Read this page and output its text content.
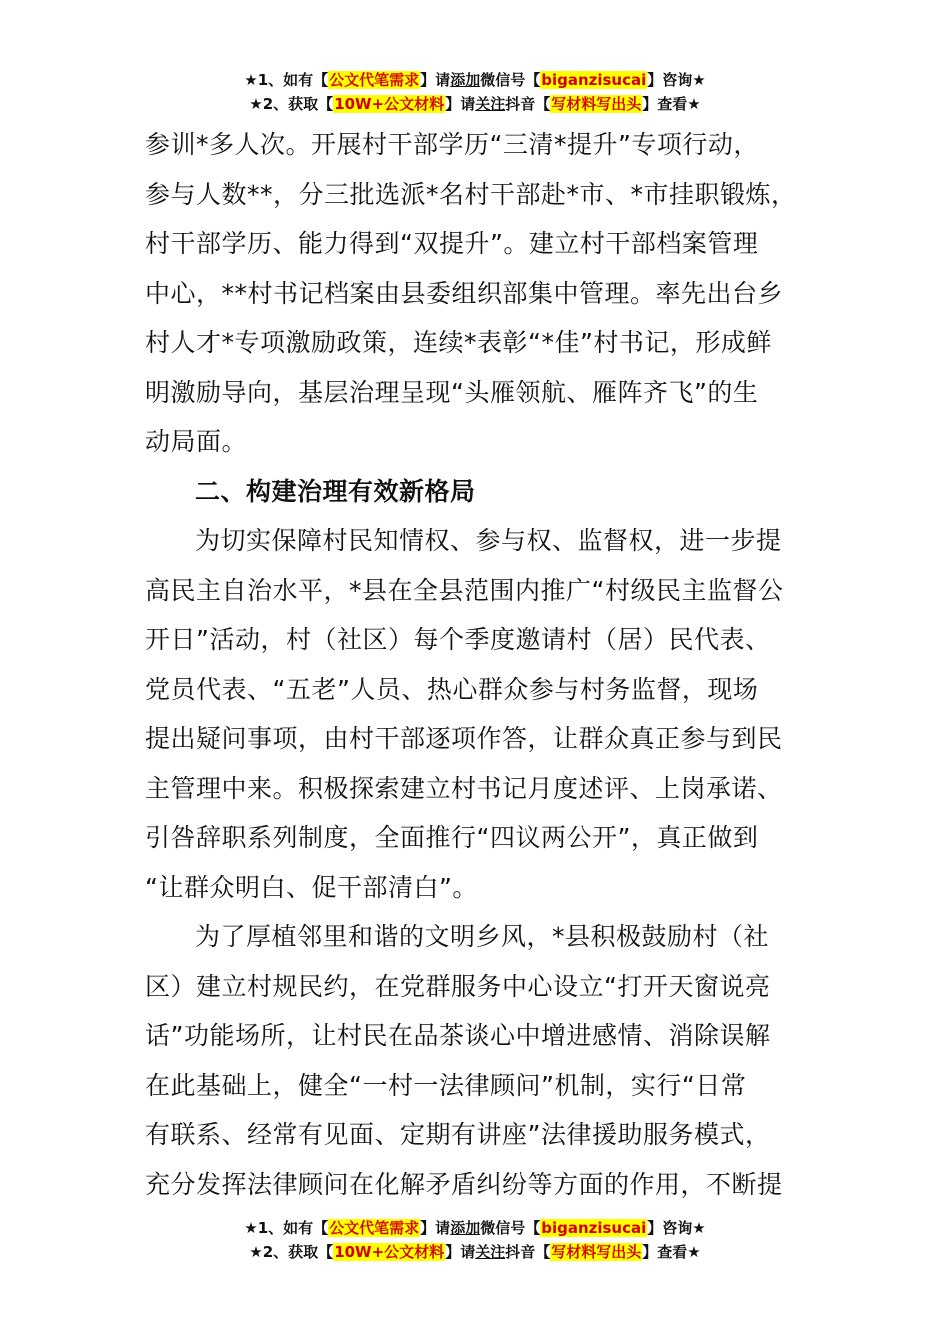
★1、如有【公文代笔需求】请添加微信号【biganzisucai】咨询★
★2、获取【10W+公文材料】请关注抖音【写材料写出头】查看★
参训*多人次。开展村干部学历“三清*提升”专项行动，
参与人数**，分三批选派*名村干部赴*市、*市挂职锻炼，
村干部学历、能力得到“双提升”。建立村干部档案管理
中心，**村书记档案由县委组织部集中管理。率先出台乡
村人才*专项激励政策，连续*表彰“*佳”村书记，形成鲜
明激励导向，基层治理呈现“头雁领航、雁阵齐飞”的生
动局面。
二、构建治理有效新格局
为切实保障村民知情权、参与权、监督权，进一步提
高民主自治水平，*县在全县范围内推广“村级民主监督公
开日”活动，村（社区）每个季度邀请村（居）民代表、
党员代表、“五老”人员、热心群众参与村务监督，现场
提出疑问事项，由村干部逐项作答，让群众真正参与到民
主管理中来。积极探索建立村书记月度述评、上岗承诺、
引咎辞职系列制度，全面推行“四议两公开”，真正做到
“让群众明白、促干部清白”。
为了厚植邻里和谐的文明乡风，*县积极鼓励村（社
区）建立村规民约，在党群服务中心设立“打开天窗说亮
话”功能场所，让村民在品茶谈心中增进感情、消除误解
在此基础上，健全“一村一法律顾问”机制，实行“日常
有联系、经常有见面、定期有讲座”法律援助服务模式，
充分发挥法律顾问在化解矛盾纠纷等方面的作用，不断提
★1、如有【公文代笔需求】请添加微信号【biganzisucai】咨询★
★2、获取【10W+公文材料】请关注抖音【写材料写出头】查看★
